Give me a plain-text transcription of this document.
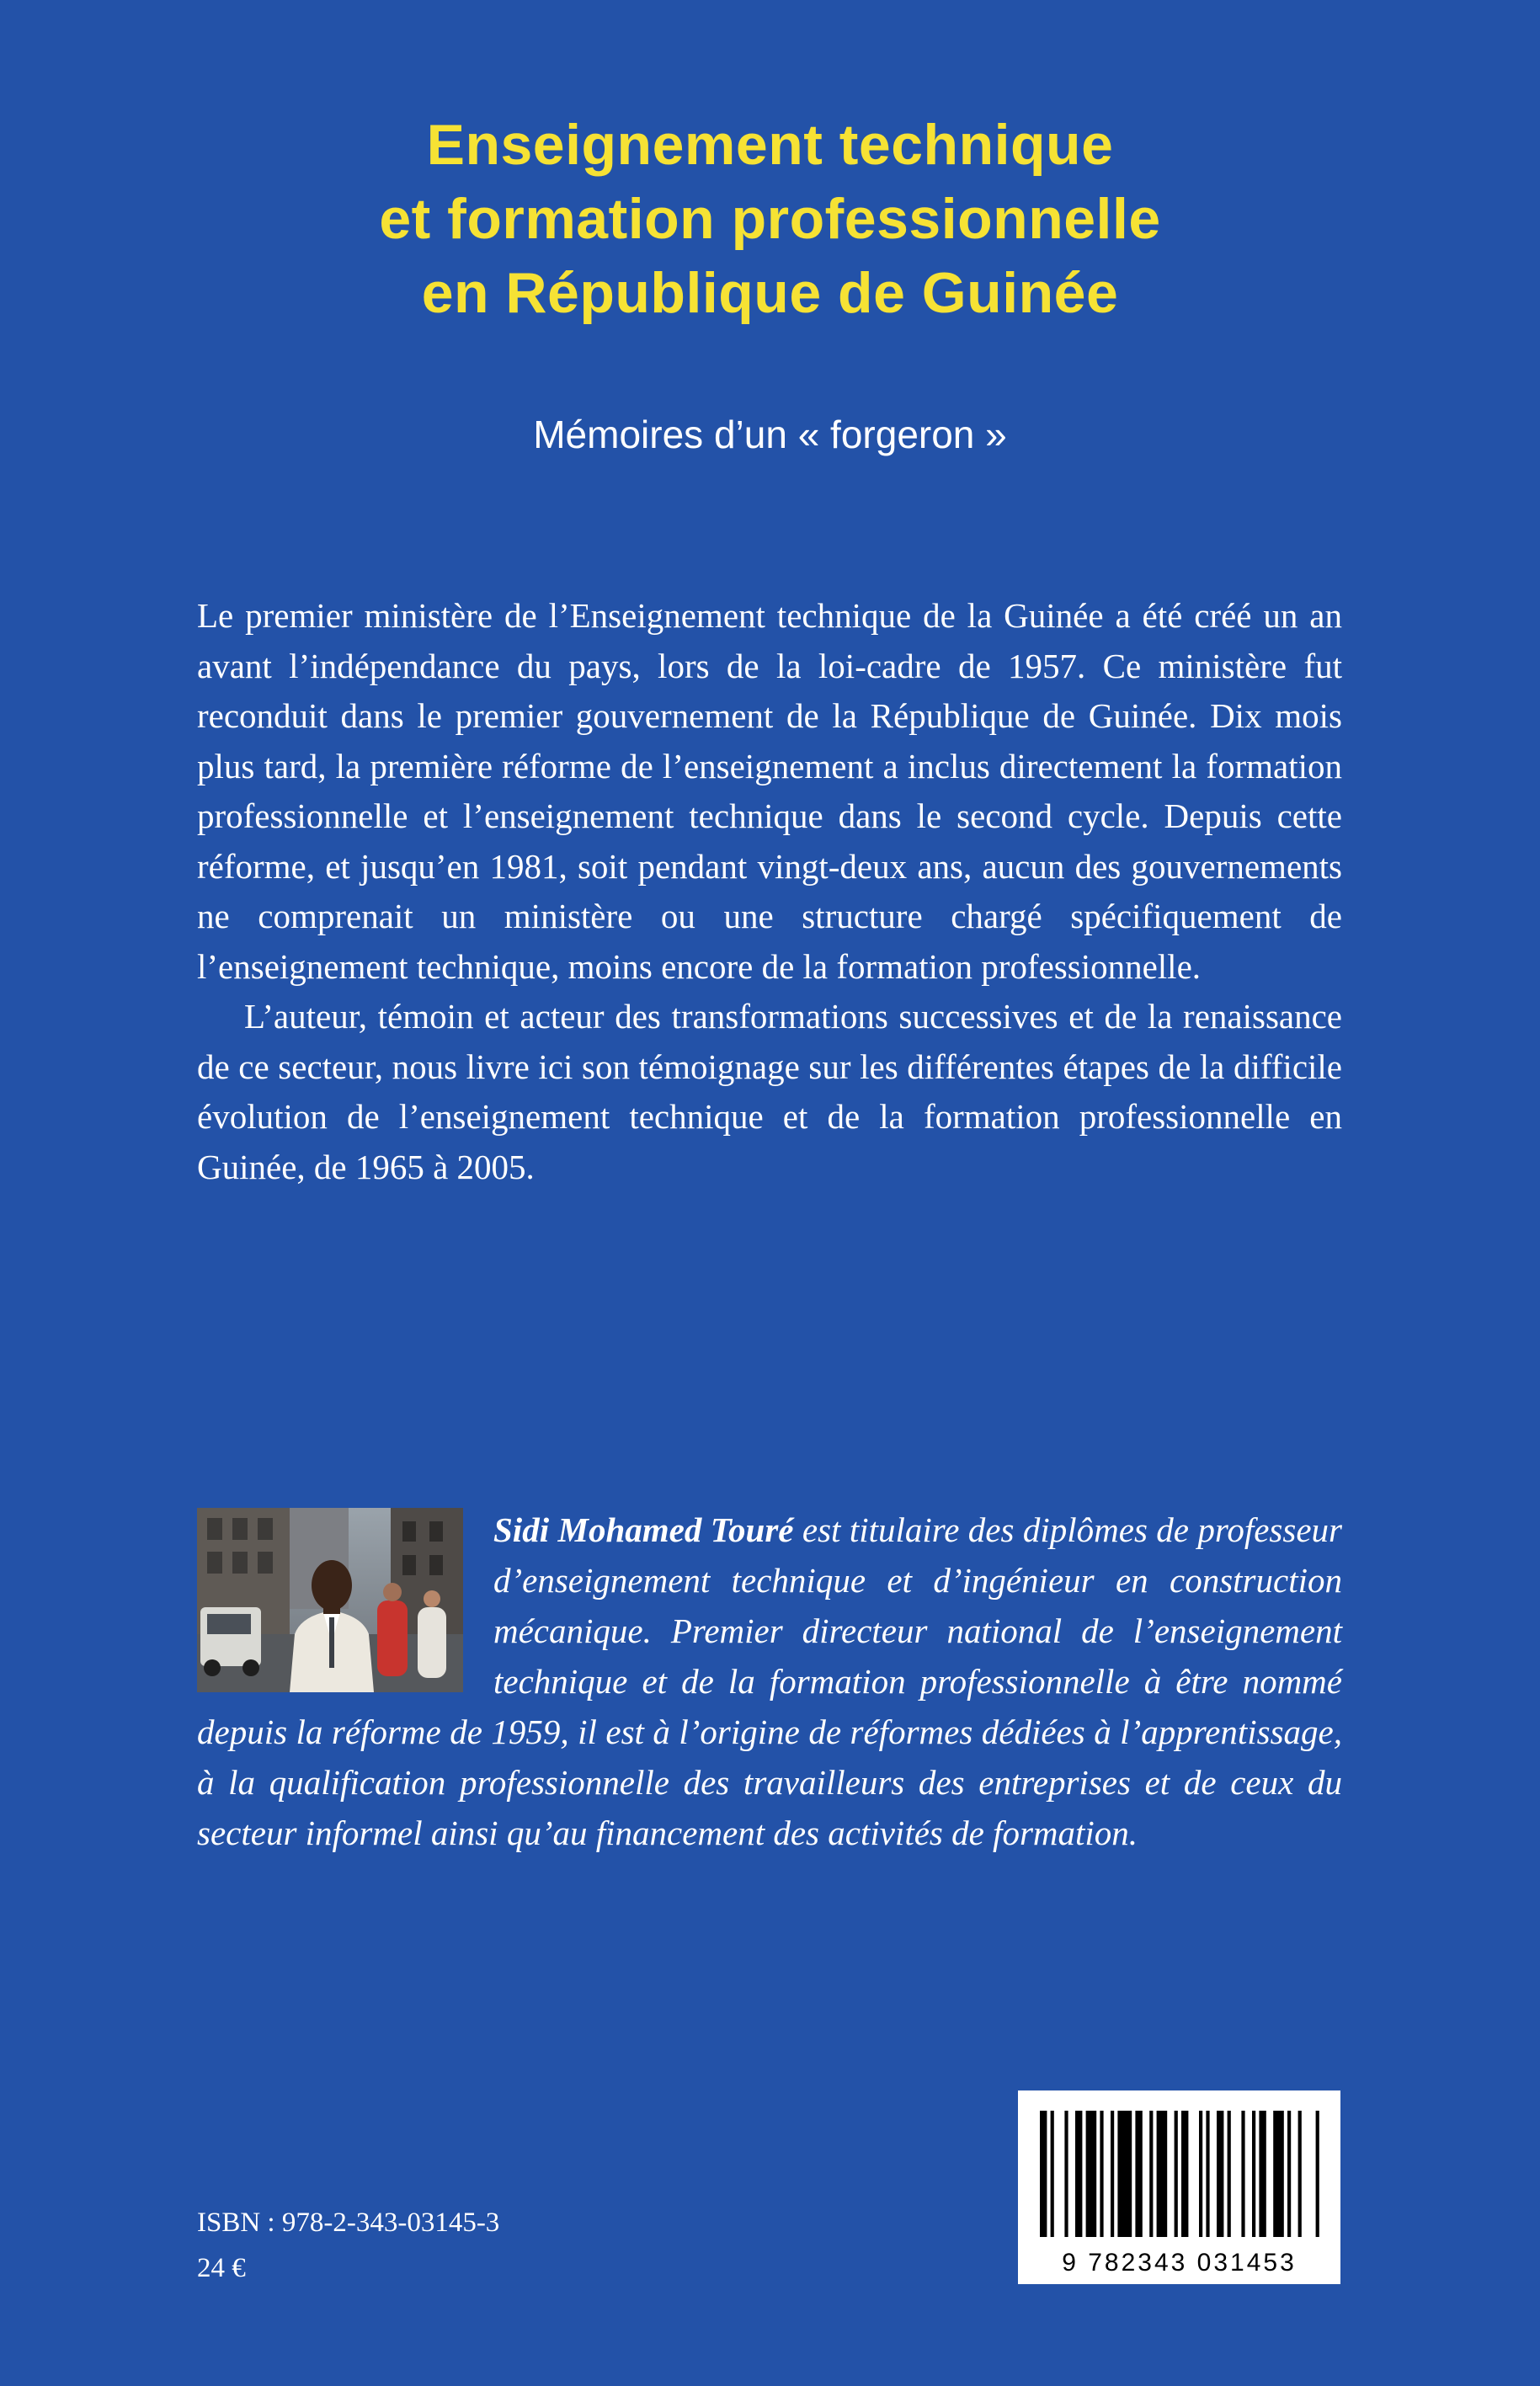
Enseignement technique
et formation professionnelle
en République de Guinée
Mémoires d’un « forgeron »

Le premier ministère de l’Enseignement technique de la Guinée a été créé un an avant l’indépendance du pays, lors de la loi-cadre de 1957. Ce ministère fut reconduit dans le premier gouvernement de la République de Guinée. Dix mois plus tard, la première réforme de l’enseignement a inclus directement la formation professionnelle et l’enseignement technique dans le second cycle. Depuis cette réforme, et jusqu’en 1981, soit pendant vingt-deux ans, aucun des gouvernements ne comprenait un ministère ou une structure chargé spécifiquement de l’enseignement technique, moins encore de la formation professionnelle.

L’auteur, témoin et acteur des transformations successives et de la renaissance de ce secteur, nous livre ici son témoignage sur les différentes étapes de la difficile évolution de l’enseignement technique et de la formation professionnelle en Guinée, de 1965 à 2005.

Sidi Mohamed Touré est titulaire des diplômes de professeur d’enseignement technique et d’ingénieur en construction mécanique. Premier directeur national de l’enseignement technique et de la formation professionnelle à être nommé depuis la réforme de 1959, il est à l’origine de réformes dédiées à l’apprentissage, à la qualification professionnelle des travailleurs des entreprises et de ceux du secteur informel ainsi qu’au financement des activités de formation.
ISBN : 978-2-343-03145-3
24 €	9 782343 031453
